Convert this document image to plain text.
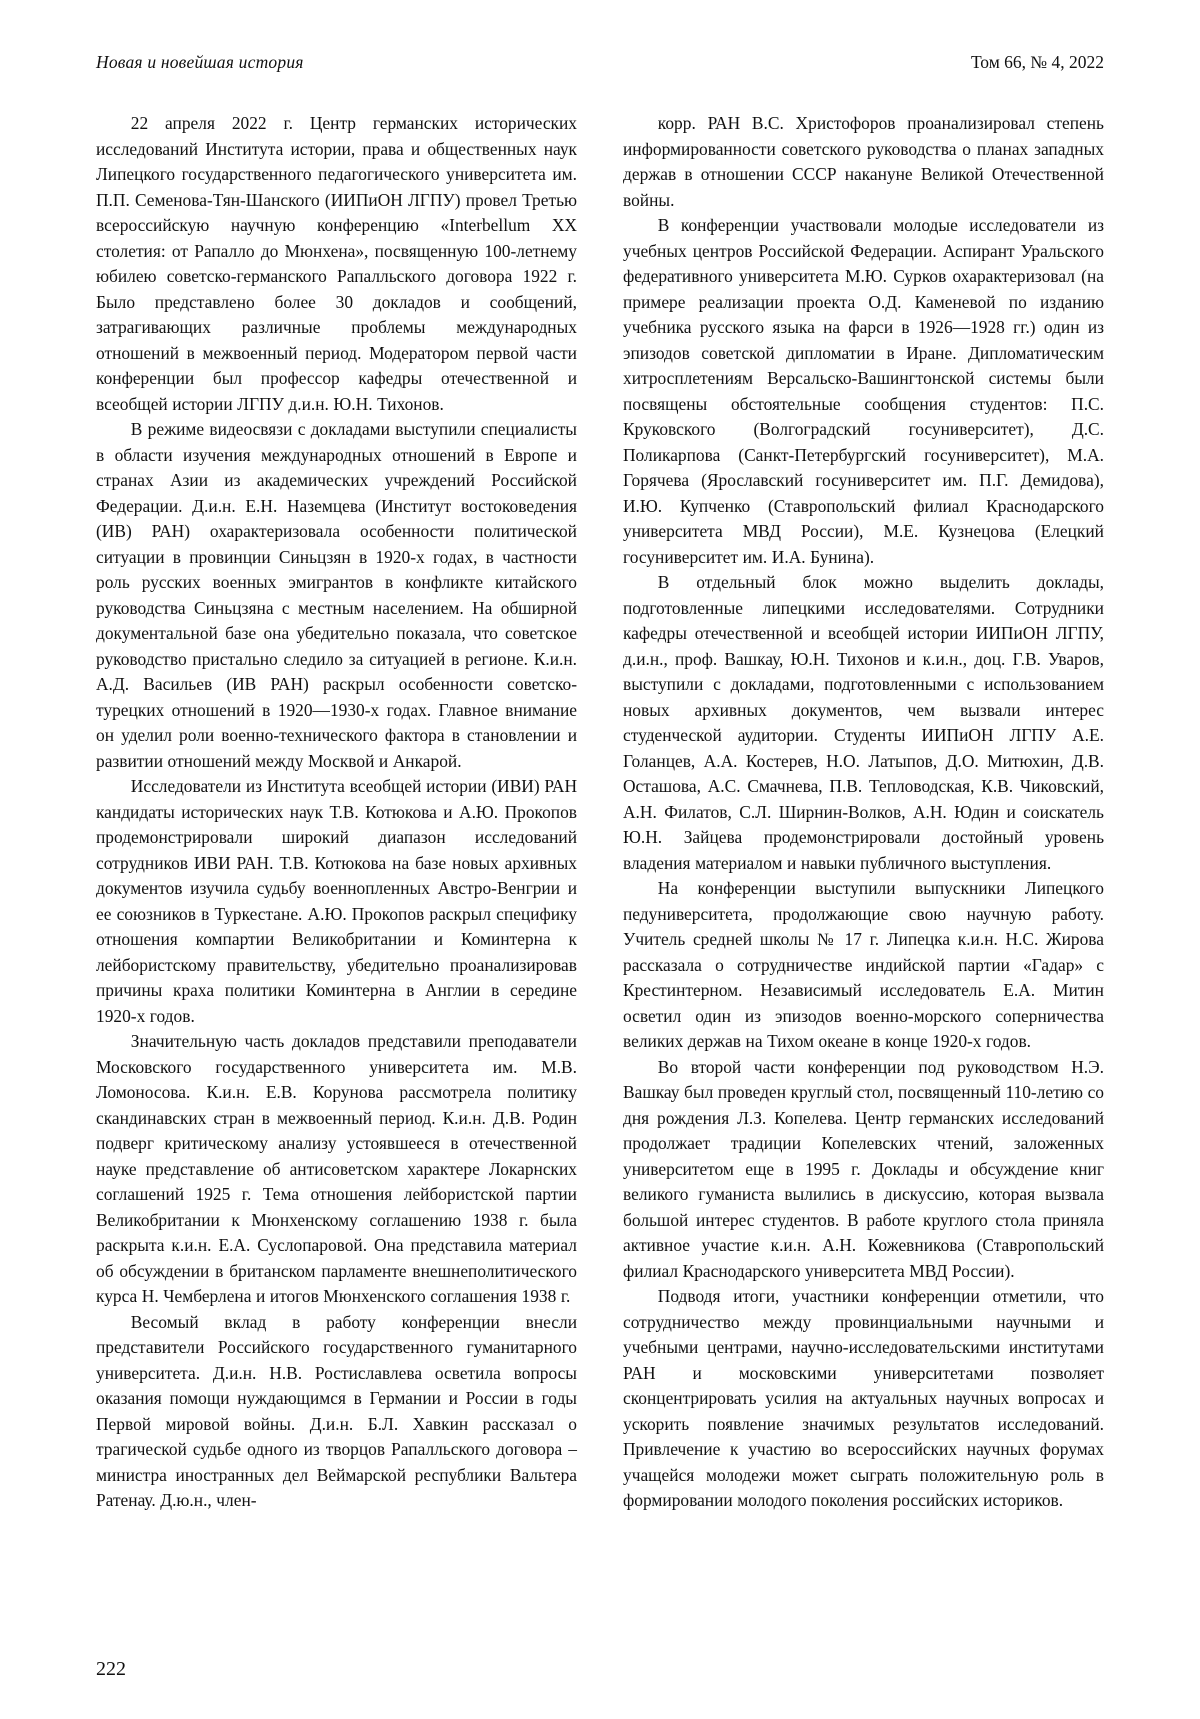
Новая и новейшая история	Том 66, № 4, 2022

22 апреля 2022 г. Центр германских исторических исследований Института истории, права и общественных наук Липецкого государственного педагогического университета им. П.П. Семенова-Тян-Шанского (ИИПиОН ЛГПУ) провел Третью всероссийскую научную конференцию «Interbellum XX столетия: от Рапалло до Мюнхена», посвященную 100-летнему юбилею советско-германского Рапалльского договора 1922 г. Было представлено более 30 докладов и сообщений, затрагивающих различные проблемы международных отношений в межвоенный период. Модератором первой части конференции был профессор кафедры отечественной и всеобщей истории ЛГПУ д.и.н. Ю.Н. Тихонов.

В режиме видеосвязи с докладами выступили специалисты в области изучения международных отношений в Европе и странах Азии из академических учреждений Российской Федерации. Д.и.н. Е.Н. Наземцева (Институт востоковедения (ИВ) РАН) охарактеризовала особенности политической ситуации в провинции Синьцзян в 1920-х годах, в частности роль русских военных эмигрантов в конфликте китайского руководства Синьцзяна с местным населением. На обширной документальной базе она убедительно показала, что советское руководство пристально следило за ситуацией в регионе. К.и.н. А.Д. Васильев (ИВ РАН) раскрыл особенности советско-турецких отношений в 1920—1930-х годах. Главное внимание он уделил роли военно-технического фактора в становлении и развитии отношений между Москвой и Анкарой.

Исследователи из Института всеобщей истории (ИВИ) РАН кандидаты исторических наук Т.В. Котюкова и А.Ю. Прокопов продемонстрировали широкий диапазон исследований сотрудников ИВИ РАН. Т.В. Котюкова на базе новых архивных документов изучила судьбу военнопленных Австро-Венгрии и ее союзников в Туркестане. А.Ю. Прокопов раскрыл специфику отношения компартии Великобритании и Коминтерна к лейбористскому правительству, убедительно проанализировав причины краха политики Коминтерна в Англии в середине 1920-х годов.

Значительную часть докладов представили преподаватели Московского государственного университета им. М.В. Ломоносова. К.и.н. Е.В. Корунова рассмотрела политику скандинавских стран в межвоенный период. К.и.н. Д.В. Родин подверг критическому анализу устоявшееся в отечественной науке представление об антисоветском характере Локарнских соглашений 1925 г. Тема отношения лейбористской партии Великобритании к Мюнхенскому соглашению 1938 г. была раскрыта к.и.н. Е.А. Суслопаровой. Она представила материал об обсуждении в британском парламенте внешнеполитического курса Н. Чемберлена и итогов Мюнхенского соглашения 1938 г.

Весомый вклад в работу конференции внесли представители Российского государственного гуманитарного университета. Д.и.н. Н.В. Ростиславлева осветила вопросы оказания помощи нуждающимся в Германии и России в годы Первой мировой войны. Д.и.н. Б.Л. Хавкин рассказал о трагической судьбе одного из творцов Рапалльского договора – министра иностранных дел Веймарской республики Вальтера Ратенау. Д.ю.н., член-

корр. РАН В.С. Христофоров проанализировал степень информированности советского руководства о планах западных держав в отношении СССР накануне Великой Отечественной войны.

В конференции участвовали молодые исследователи из учебных центров Российской Федерации. Аспирант Уральского федеративного университета М.Ю. Сурков охарактеризовал (на примере реализации проекта О.Д. Каменевой по изданию учебника русского языка на фарси в 1926—1928 гг.) один из эпизодов советской дипломатии в Иране. Дипломатическим хитросплетениям Версальско-Вашингтонской системы были посвящены обстоятельные сообщения студентов: П.С. Круковского (Волгоградский госуниверситет), Д.С. Поликарпова (Санкт-Петербургский госуниверситет), М.А. Горячева (Ярославский госуниверситет им. П.Г. Демидова), И.Ю. Купченко (Ставропольский филиал Краснодарского университета МВД России), М.Е. Кузнецова (Елецкий госуниверситет им. И.А. Бунина).

В отдельный блок можно выделить доклады, подготовленные липецкими исследователями. Сотрудники кафедры отечественной и всеобщей истории ИИПиОН ЛГПУ, д.и.н., проф. Вашкау, Ю.Н. Тихонов и к.и.н., доц. Г.В. Уваров, выступили с докладами, подготовленными с использованием новых архивных документов, чем вызвали интерес студенческой аудитории. Студенты ИИПиОН ЛГПУ А.Е. Голанцев, А.А. Костерев, Н.О. Латыпов, Д.О. Митюхин, Д.В. Осташова, А.С. Смачнева, П.В. Тепловодская, К.В. Чиковский, А.Н. Филатов, С.Л. Ширнин-Волков, А.Н. Юдин и соискатель Ю.Н. Зайцева продемонстрировали достойный уровень владения материалом и навыки публичного выступления.

На конференции выступили выпускники Липецкого педуниверситета, продолжающие свою научную работу. Учитель средней школы № 17 г. Липецка к.и.н. Н.С. Жирова рассказала о сотрудничестве индийской партии «Гадар» с Крестинтерном. Независимый исследователь Е.А. Митин осветил один из эпизодов военно-морского соперничества великих держав на Тихом океане в конце 1920-х годов.

Во второй части конференции под руководством Н.Э. Вашкау был проведен круглый стол, посвященный 110-летию со дня рождения Л.З. Копелева. Центр германских исследований продолжает традиции Копелевских чтений, заложенных университетом еще в 1995 г. Доклады и обсуждение книг великого гуманиста вылились в дискуссию, которая вызвала большой интерес студентов. В работе круглого стола приняла активное участие к.и.н. А.Н. Кожевникова (Ставропольский филиал Краснодарского университета МВД России).

Подводя итоги, участники конференции отметили, что сотрудничество между провинциальными научными и учебными центрами, научно-исследовательскими институтами РАН и московскими университетами позволяет сконцентрировать усилия на актуальных научных вопросах и ускорить появление значимых результатов исследований. Привлечение к участию во всероссийских научных форумах учащейся молодежи может сыграть положительную роль в формировании молодого поколения российских историков.

222
